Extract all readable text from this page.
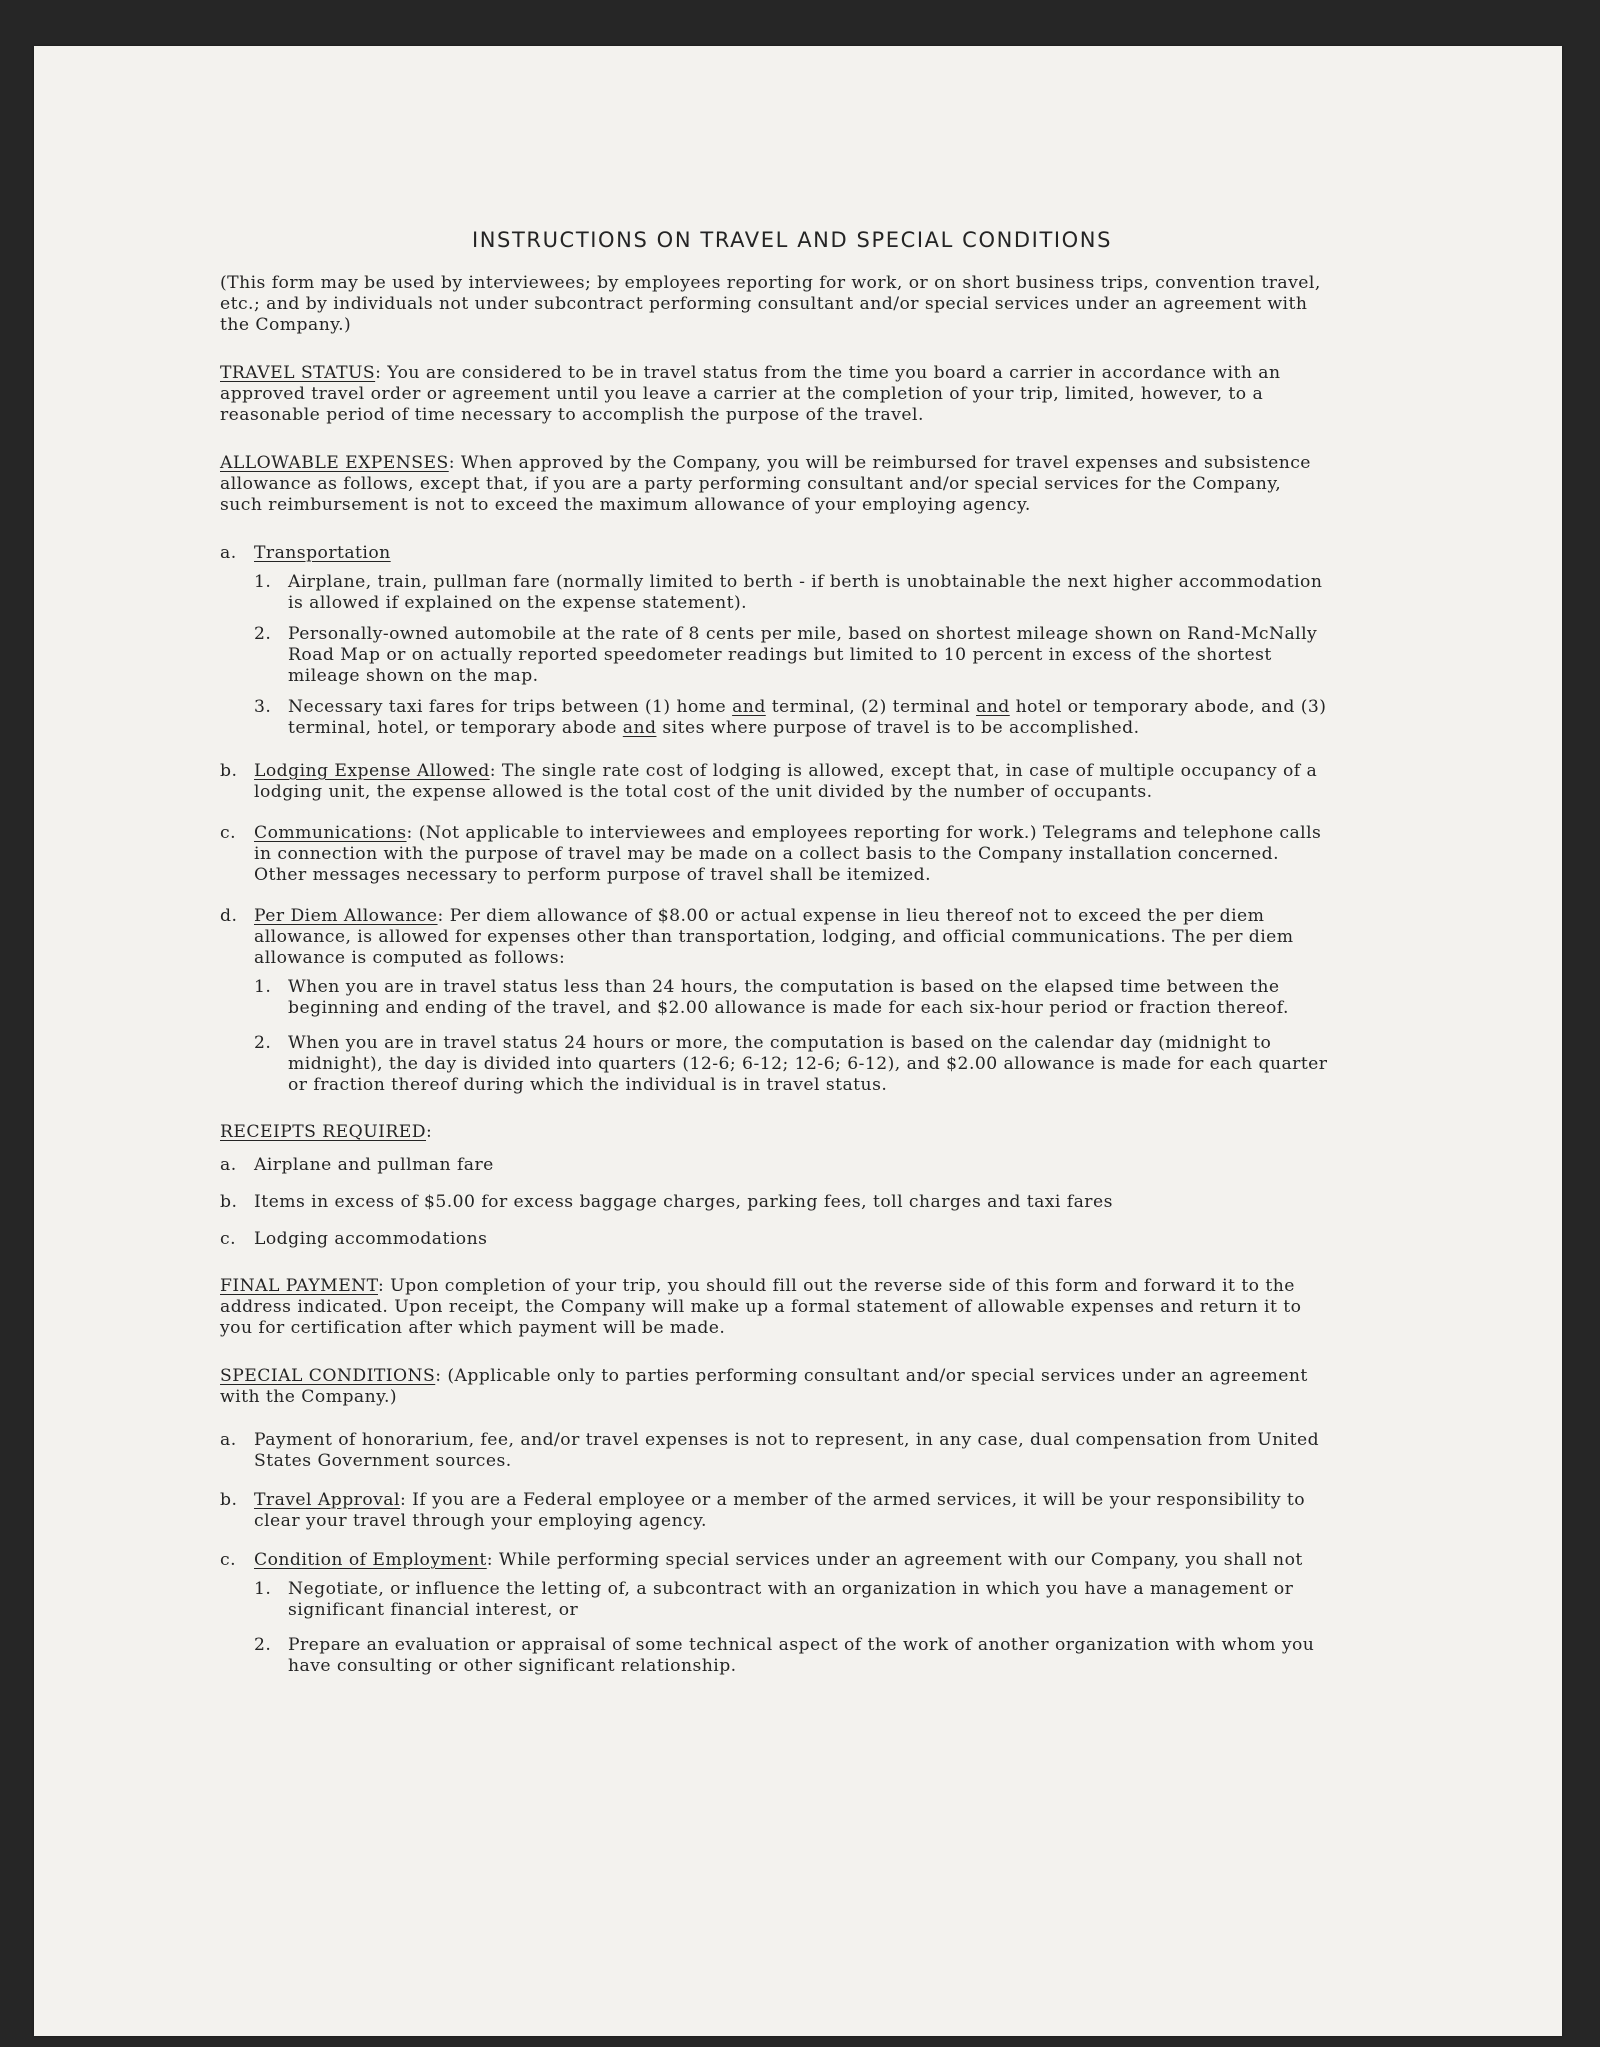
INSTRUCTIONS ON TRAVEL AND SPECIAL CONDITIONS

(This form may be used by interviewees; by employees reporting for work, or on short business trips, convention travel, etc.; and by individuals not under subcontract performing consultant and/or special services under an agreement with the Company.)

TRAVEL STATUS: You are considered to be in travel status from the time you board a carrier in accordance with an approved travel order or agreement until you leave a carrier at the completion of your trip, limited, however, to a reasonable period of time necessary to accomplish the purpose of the travel.

ALLOWABLE EXPENSES: When approved by the Company, you will be reimbursed for travel expenses and subsistence allowance as follows, except that, if you are a party performing consultant and/or special services for the Company, such reimbursement is not to exceed the maximum allowance of your employing agency.

a.	Transportation
1. Airplane, train, pullman fare (normally limited to berth - if berth is unobtainable the next higher accommodation is allowed if explained on the expense statement).
2. Personally-owned automobile at the rate of 8 cents per mile, based on shortest mileage shown on Rand-McNally Road Map or on actually reported speedometer readings but limited to 10 percent in excess of the shortest mileage shown on the map.
3. Necessary taxi fares for trips between (1) home and terminal, (2) terminal and hotel or temporary abode, and (3) terminal, hotel, or temporary abode and sites where purpose of travel is to be accomplished.
b. Lodging Expense Allowed: The single rate cost of lodging is allowed, except that, in case of multiple occupancy of a lodging unit, the expense allowed is the total cost of the unit divided by the number of occupants.
c.	Communications: (Not applicable to interviewees and employees reporting for work.) Telegrams and telephone calls in connection with the purpose of travel may be made on a collect basis to the Company installation concerned. Other messages necessary to perform purpose of travel shall be itemized.
d. Per Diem Allowance: Per diem allowance of $8.00 or actual expense in lieu thereof not to exceed the per diem allowance, is allowed for expenses other than transportation, lodging, and official communications. The per diem allowance is computed as follows:
1. When you are in travel status less than 24 hours, the computation is based on the elapsed time between the beginning and ending of the travel, and $2.00 allowance is made for each six-hour period or fraction thereof.
2. When you are in travel status 24 hours or more, the computation is based on the calendar day (midnight to midnight), the day is divided into quarters (12-6; 6-12; 12-6; 6-12), and $2.00 allowance is made for each quarter or fraction thereof during which the individual is in travel status.

RECEIPTS REQUIRED:

a.	Airplane and pullman fare
b. Items in excess of $5.00 for excess baggage charges, parking fees, toll charges and taxi fares
c.	Lodging accommodations

FINAL PAYMENT: Upon completion of your trip, you should fill out the reverse side of this form and forward it to the address indicated. Upon receipt, the Company will make up a formal statement of allowable expenses and return it to you for certification after which payment will be made.

SPECIAL CONDITIONS: (Applicable only to parties performing consultant and/or special services under an agreement with the Company.)

a.	Payment of honorarium, fee, and/or travel expenses is not to represent, in any case, dual compensation from United States Government sources.
b. Travel Approval: If you are a Federal employee or a member of the armed services, it will be your responsibility to clear your travel through your employing agency.
c.	Condition of Employment: While performing special services under an agreement with our Company, you shall not
1. Negotiate, or influence the letting of, a subcontract with an organization in which you have a management or significant financial interest, or
2. Prepare an evaluation or appraisal of some technical aspect of the work of another organization with whom you have consulting or other significant relationship.
